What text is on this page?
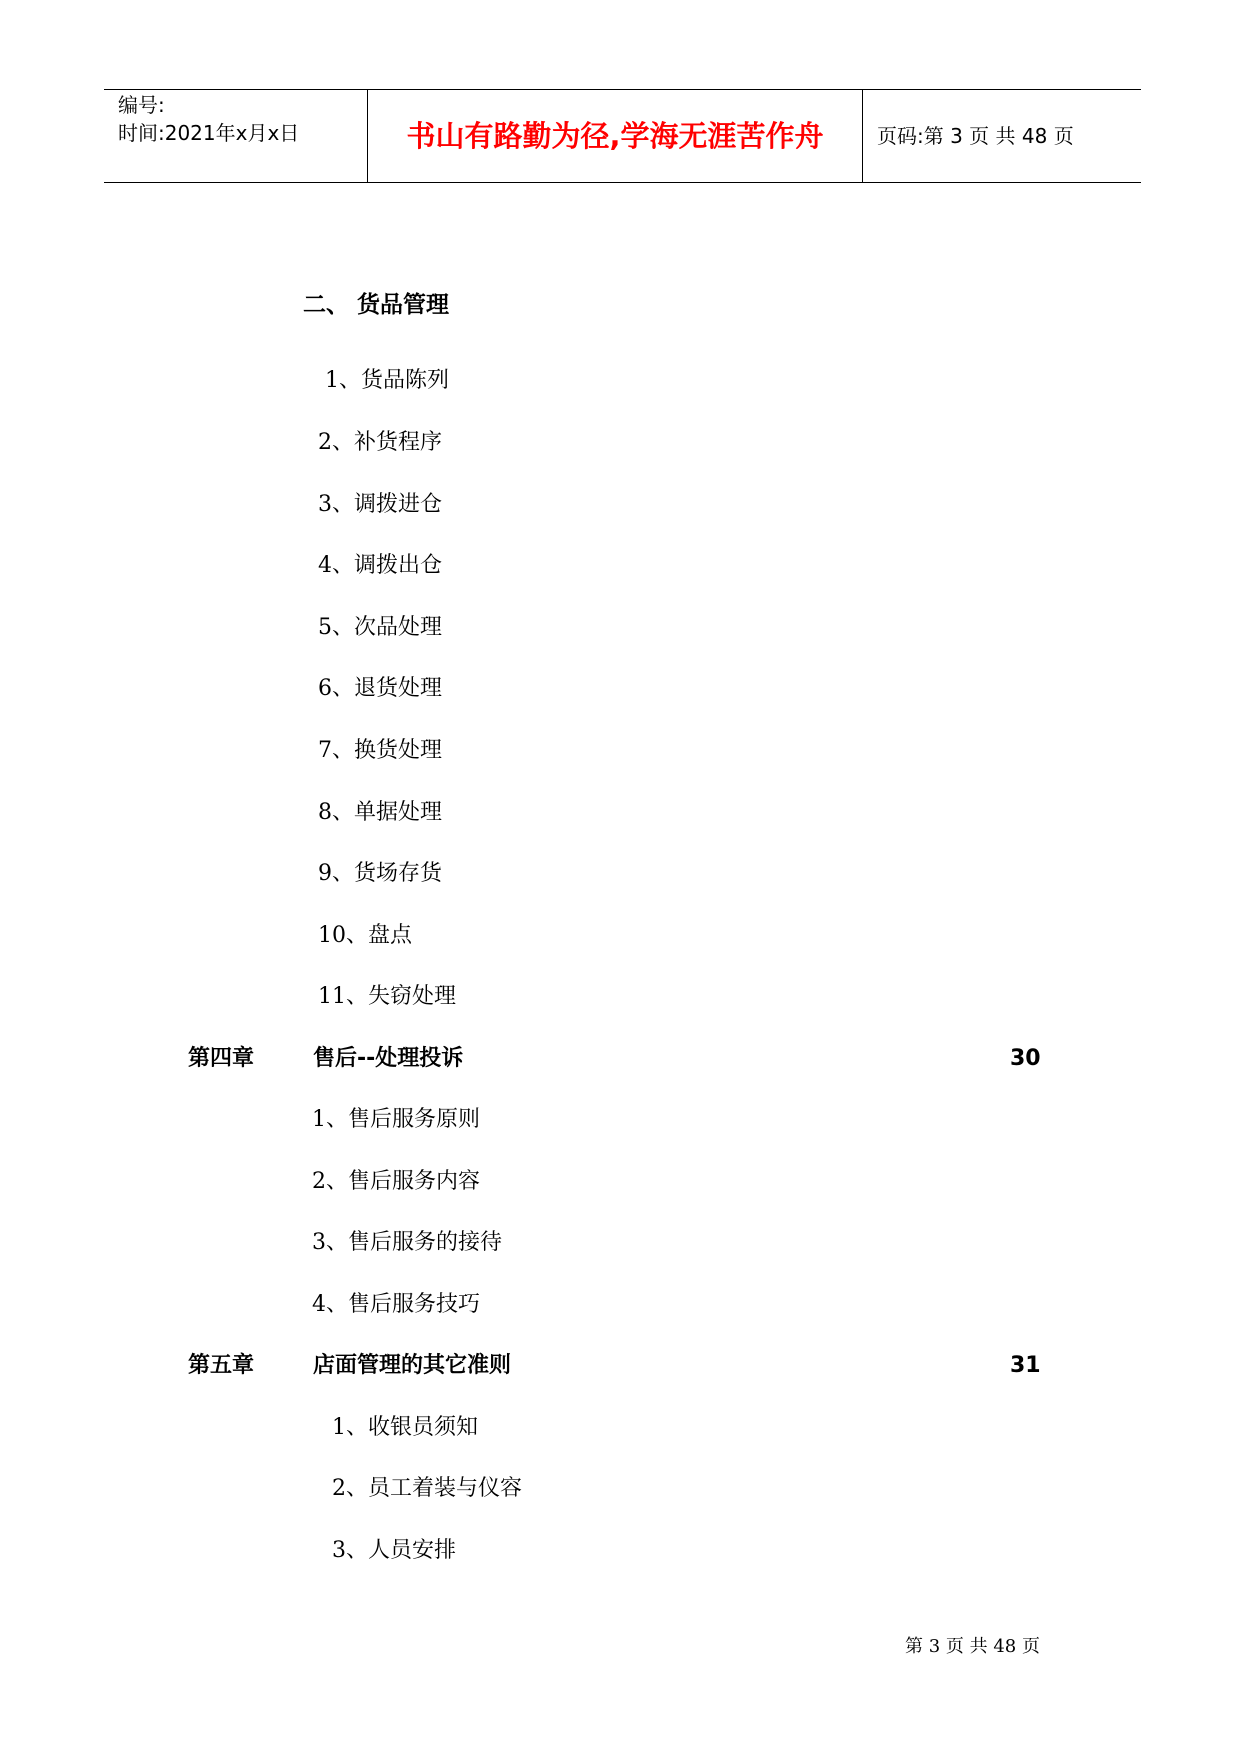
编号:
时间:2021年x月x日	书山有路勤为径,学海无涯苦作舟	页码:第 3 页 共 48 页
二、 货品管理
1、货品陈列
2、补货程序
3、调拨进仓
4、调拨出仓
5、次品处理
6、退货处理
7、换货处理
8、单据处理
9、货场存货
10、盘点
11、失窃处理
第四章	售后--处理投诉	30
1、售后服务原则
2、售后服务内容
3、售后服务的接待
4、售后服务技巧
第五章	店面管理的其它准则	31
1、收银员须知
2、员工着装与仪容
3、人员安排
第 3 页 共 48 页
